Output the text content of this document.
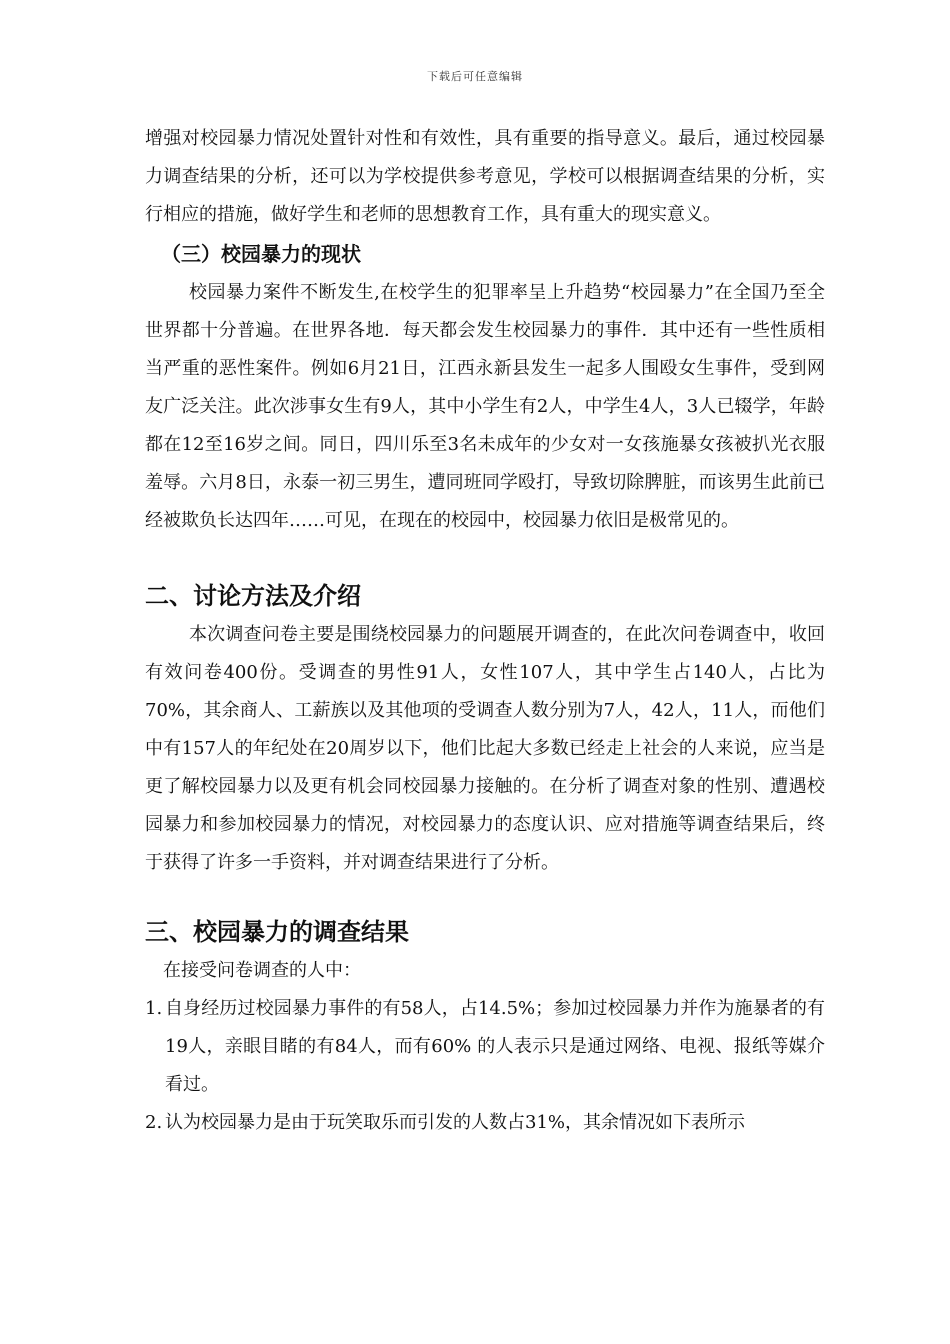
下载后可任意编辑

增强对校园暴力情况处置针对性和有效性，具有重要的指导意义。最后，通过校园暴力调查结果的分析，还可以为学校提供参考意见，学校可以根据调查结果的分析，实行相应的措施，做好学生和老师的思想教育工作，具有重大的现实意义。

（三）校园暴力的现状

校园暴力案件不断发生,在校学生的犯罪率呈上升趋势“校园暴力”在全国乃至全世界都十分普遍。在世界各地．每天都会发生校园暴力的事件．其中还有一些性质相当严重的恶性案件。例如6月21日，江西永新县发生一起多人围殴女生事件，受到网友广泛关注。此次涉事女生有9人，其中小学生有2人，中学生4人，3人已辍学，年龄都在12至16岁之间。同日，四川乐至3名未成年的少女对一女孩施暴女孩被扒光衣服羞辱。六月8日，永泰一初三男生，遭同班同学殴打，导致切除脾脏，而该男生此前已经被欺负长达四年……可见，在现在的校园中，校园暴力依旧是极常见的。

二、讨论方法及介绍

本次调查问卷主要是围绕校园暴力的问题展开调查的，在此次问卷调查中，收回有效问卷400份。受调查的男性91人，女性107人，其中学生占140人，占比为70%，其余商人、工薪族以及其他项的受调查人数分别为7人，42人，11人，而他们中有157人的年纪处在20周岁以下，他们比起大多数已经走上社会的人来说，应当是更了解校园暴力以及更有机会同校园暴力接触的。在分析了调查对象的性别、遭遇校园暴力和参加校园暴力的情况，对校园暴力的态度认识、应对措施等调查结果后，终于获得了许多一手资料，并对调查结果进行了分析。

三、校园暴力的调查结果

在接受问卷调查的人中：

1. 自身经历过校园暴力事件的有58人，占14.5%；参加过校园暴力并作为施暴者的有19人，亲眼目睹的有84人，而有60% 的人表示只是通过网络、电视、报纸等媒介看过。
2. 认为校园暴力是由于玩笑取乐而引发的人数占31%，其余情况如下表所示
